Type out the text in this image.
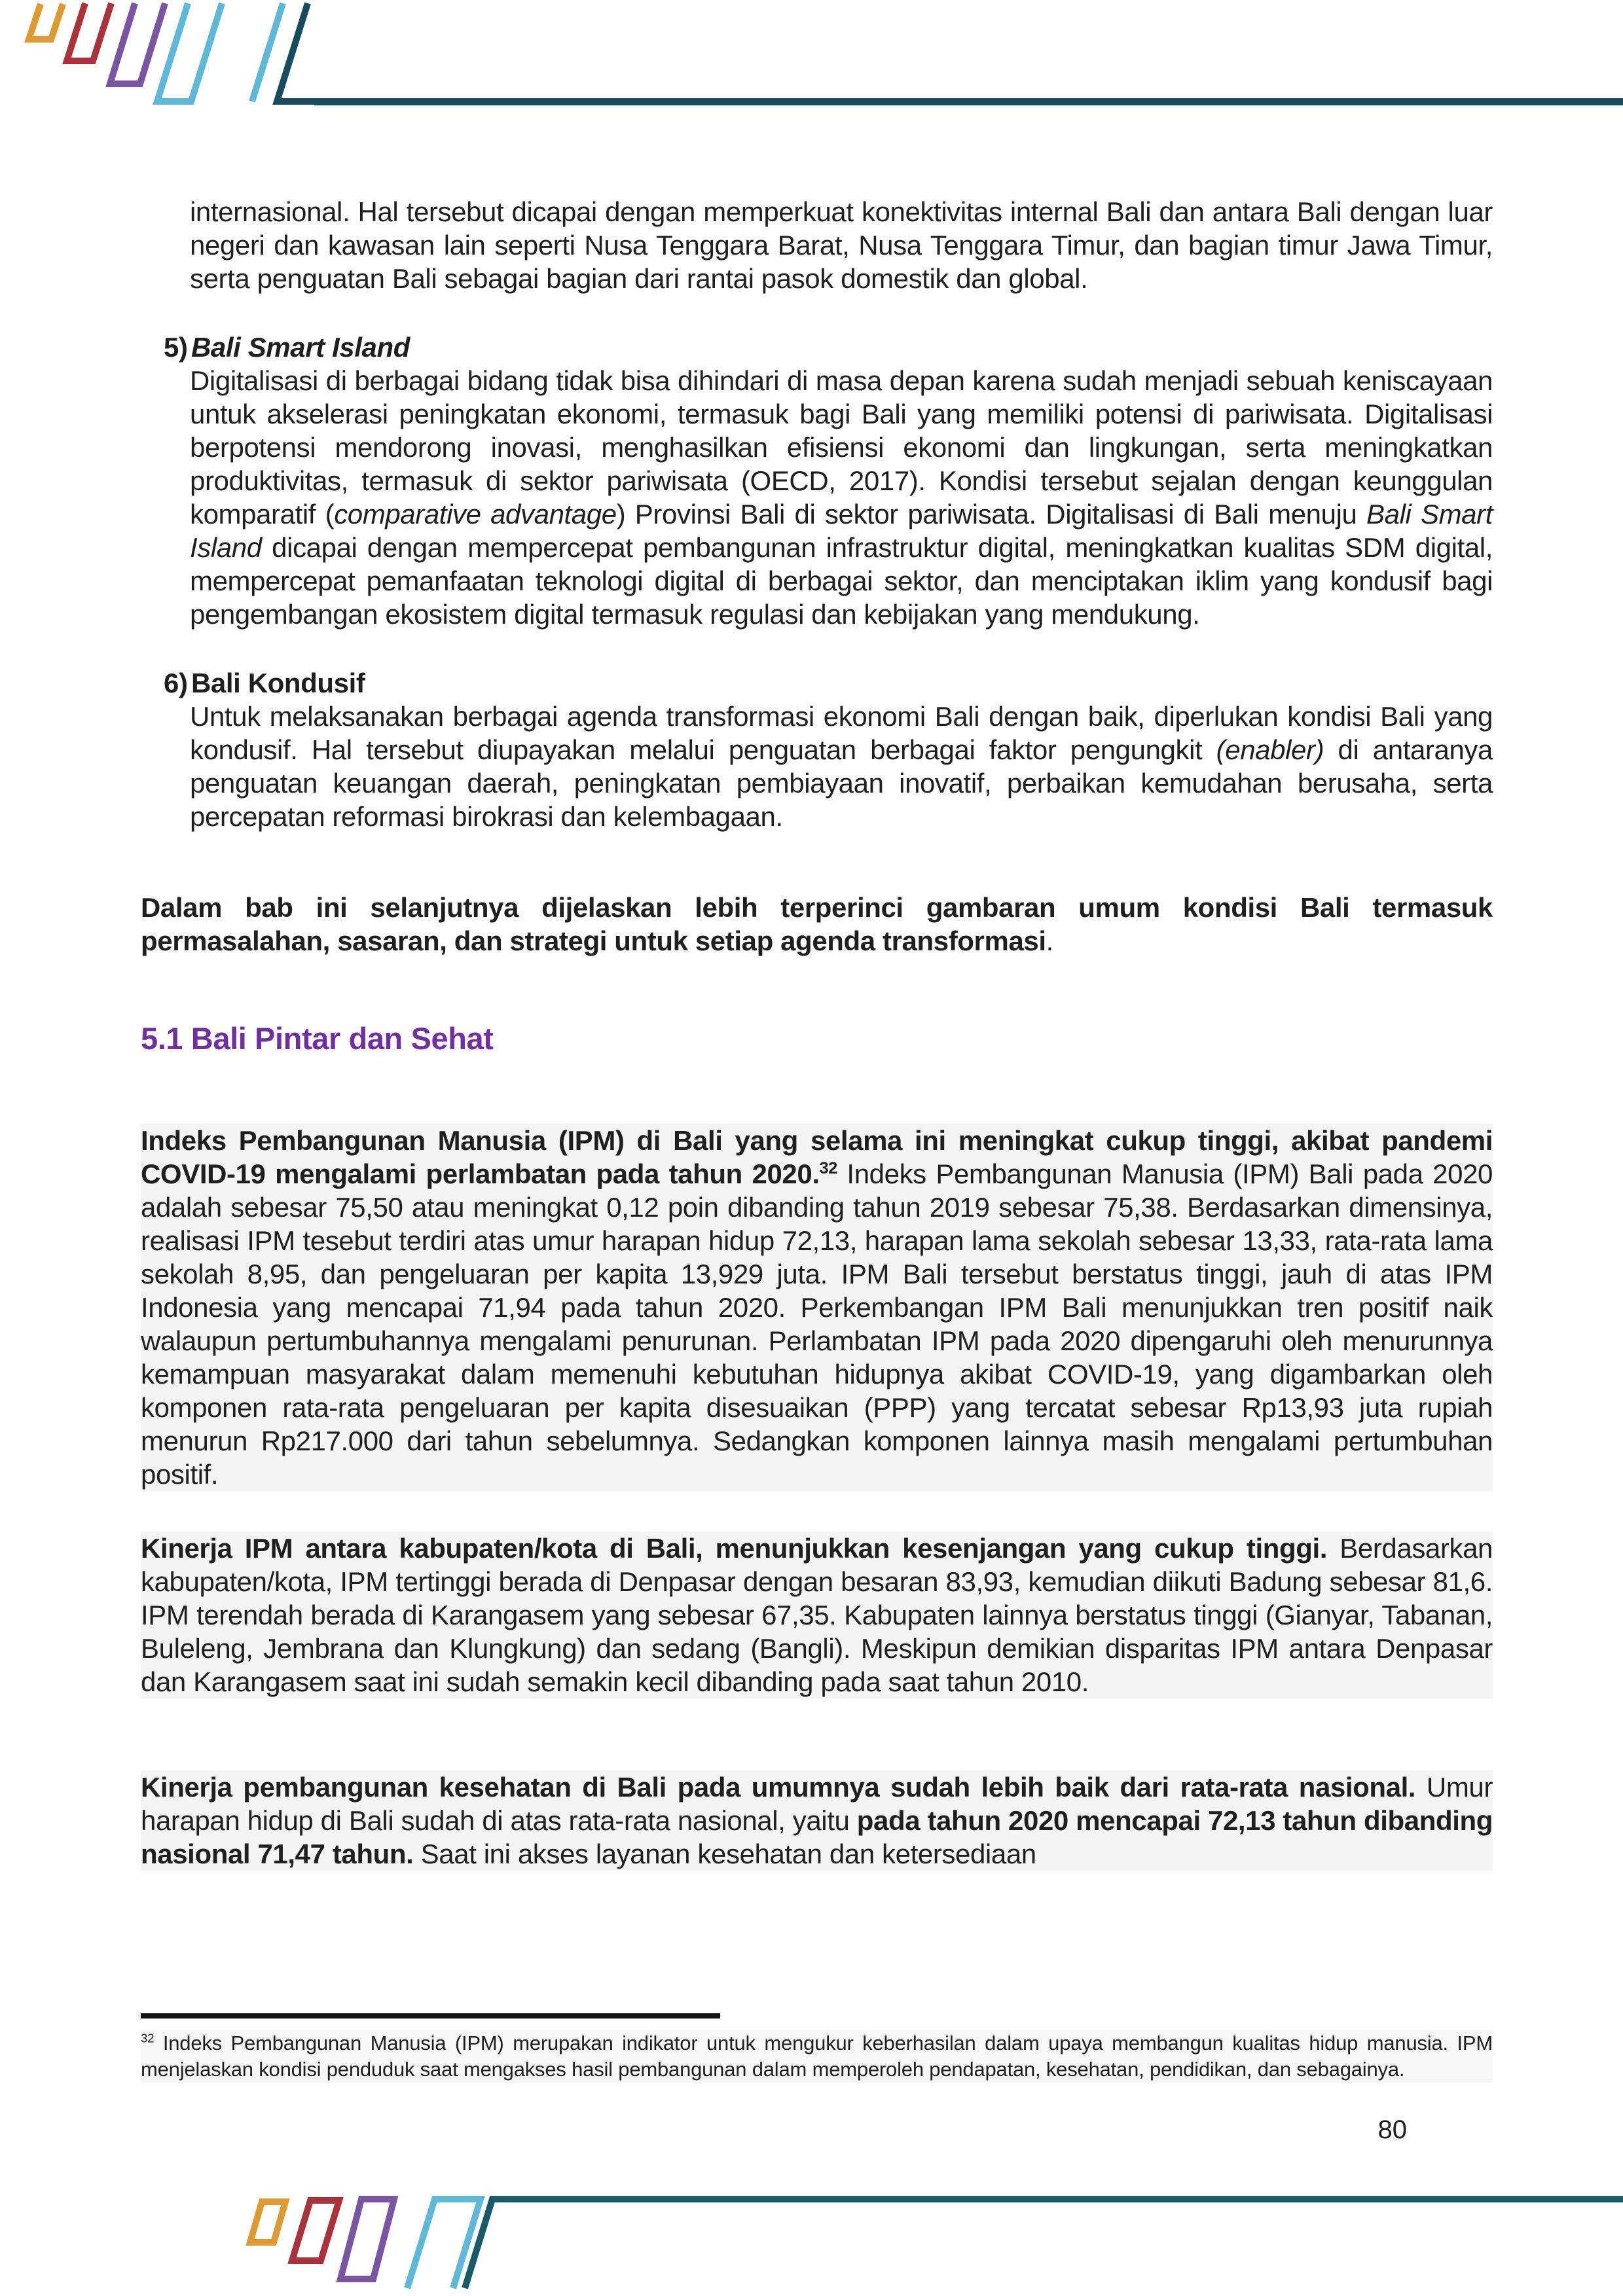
internasional. Hal tersebut dicapai dengan memperkuat konektivitas internal Bali dan antara Bali dengan luar negeri dan kawasan lain seperti Nusa Tenggara Barat, Nusa Tenggara Timur, dan bagian timur Jawa Timur, serta penguatan Bali sebagai bagian dari rantai pasok domestik dan global.

5) Bali Smart Island

Digitalisasi di berbagai bidang tidak bisa dihindari di masa depan karena sudah menjadi sebuah keniscayaan untuk akselerasi peningkatan ekonomi, termasuk bagi Bali yang memiliki potensi di pariwisata. Digitalisasi berpotensi mendorong inovasi, menghasilkan efisiensi ekonomi dan lingkungan, serta meningkatkan produktivitas, termasuk di sektor pariwisata (OECD, 2017). Kondisi tersebut sejalan dengan keunggulan komparatif (comparative advantage) Provinsi Bali di sektor pariwisata. Digitalisasi di Bali menuju Bali Smart Island dicapai dengan mempercepat pembangunan infrastruktur digital, meningkatkan kualitas SDM digital, mempercepat pemanfaatan teknologi digital di berbagai sektor, dan menciptakan iklim yang kondusif bagi pengembangan ekosistem digital termasuk regulasi dan kebijakan yang mendukung.

6) Bali Kondusif

Untuk melaksanakan berbagai agenda transformasi ekonomi Bali dengan baik, diperlukan kondisi Bali yang kondusif. Hal tersebut diupayakan melalui penguatan berbagai faktor pengungkit (enabler) di antaranya penguatan keuangan daerah, peningkatan pembiayaan inovatif, perbaikan kemudahan berusaha, serta percepatan reformasi birokrasi dan kelembagaan.

Dalam bab ini selanjutnya dijelaskan lebih terperinci gambaran umum kondisi Bali termasuk permasalahan, sasaran, dan strategi untuk setiap agenda transformasi.

5.1 Bali Pintar dan Sehat

Indeks Pembangunan Manusia (IPM) di Bali yang selama ini meningkat cukup tinggi, akibat pandemi COVID-19 mengalami perlambatan pada tahun 2020.32 Indeks Pembangunan Manusia (IPM) Bali pada 2020 adalah sebesar 75,50 atau meningkat 0,12 poin dibanding tahun 2019 sebesar 75,38. Berdasarkan dimensinya, realisasi IPM tesebut terdiri atas umur harapan hidup 72,13, harapan lama sekolah sebesar 13,33, rata-rata lama sekolah 8,95, dan pengeluaran per kapita 13,929 juta. IPM Bali tersebut berstatus tinggi, jauh di atas IPM Indonesia yang mencapai 71,94 pada tahun 2020. Perkembangan IPM Bali menunjukkan tren positif naik walaupun pertumbuhannya mengalami penurunan. Perlambatan IPM pada 2020 dipengaruhi oleh menurunnya kemampuan masyarakat dalam memenuhi kebutuhan hidupnya akibat COVID-19, yang digambarkan oleh komponen rata-rata pengeluaran per kapita disesuaikan (PPP) yang tercatat sebesar Rp13,93 juta rupiah menurun Rp217.000 dari tahun sebelumnya. Sedangkan komponen lainnya masih mengalami pertumbuhan positif.

Kinerja IPM antara kabupaten/kota di Bali, menunjukkan kesenjangan yang cukup tinggi. Berdasarkan kabupaten/kota, IPM tertinggi berada di Denpasar dengan besaran 83,93, kemudian diikuti Badung sebesar 81,6. IPM terendah berada di Karangasem yang sebesar 67,35. Kabupaten lainnya berstatus tinggi (Gianyar, Tabanan, Buleleng, Jembrana dan Klungkung) dan sedang (Bangli). Meskipun demikian disparitas IPM antara Denpasar dan Karangasem saat ini sudah semakin kecil dibanding pada saat tahun 2010.

Kinerja pembangunan kesehatan di Bali pada umumnya sudah lebih baik dari rata-rata nasional. Umur harapan hidup di Bali sudah di atas rata-rata nasional, yaitu pada tahun 2020 mencapai 72,13 tahun dibanding nasional 71,47 tahun. Saat ini akses layanan kesehatan dan ketersediaan

$^{32}$ Indeks Pembangunan Manusia (IPM) merupakan indikator untuk mengukur keberhasilan dalam upaya membangun kualitas hidup manusia. IPM menjelaskan kondisi penduduk saat mengakses hasil pembangunan dalam memperoleh pendapatan, kesehatan, pendidikan, dan sebagainya.

80
